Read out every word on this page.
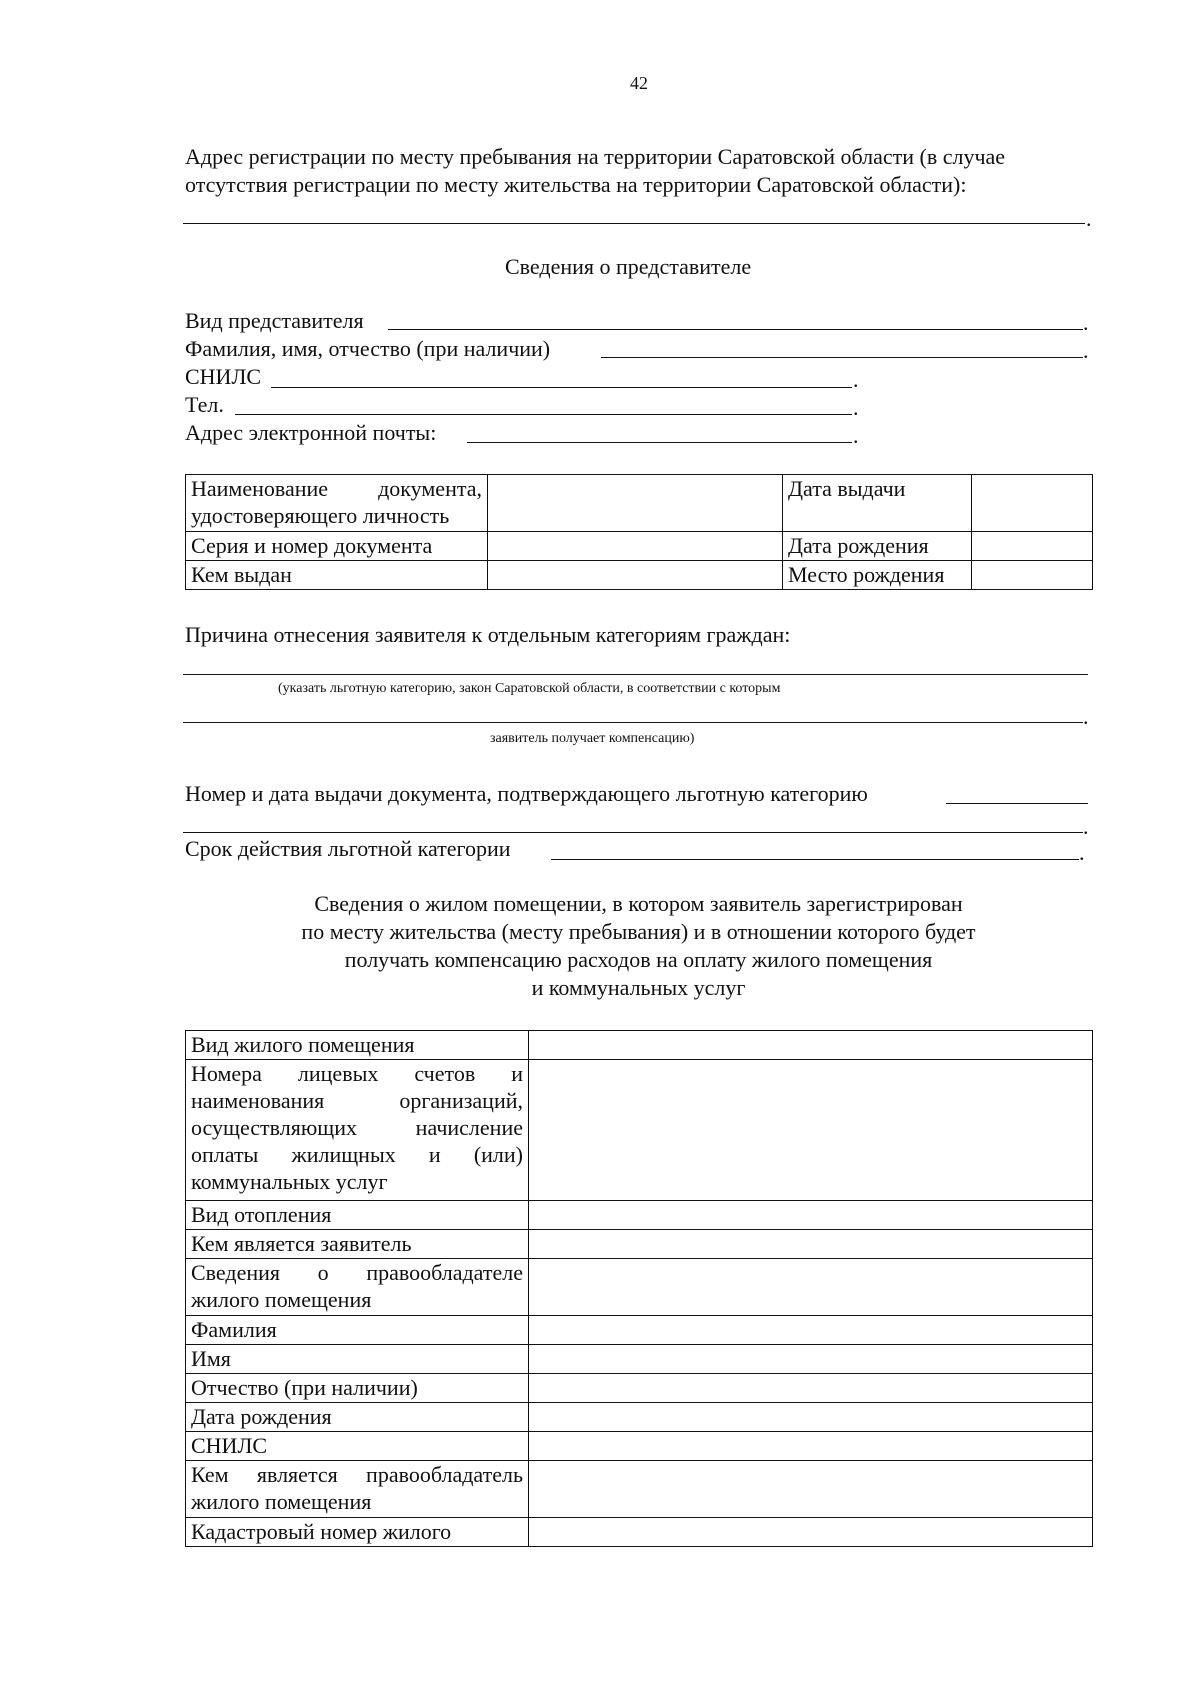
42
Адрес регистрации по месту пребывания на территории Саратовской области (в случае
отсутствия регистрации по месту жительства на территории Саратовской области):
.
Сведения о представителе
Вид представителя	.
Фамилия, имя, отчество (при наличии)	.
СНИЛС	.
Тел.	.
Адрес электронной почты:	.
Наименование документа,
удостоверяющего личность		Дата выдачи	
Серия и номер документа		Дата рождения	
Кем выдан		Место рождения	
Причина отнесения заявителя к отдельным категориям граждан:
(указать льготную категорию, закон Саратовской области, в соответствии с которым
.
заявитель получает компенсацию)
Номер и дата выдачи документа, подтверждающего льготную категорию
.
Срок действия льготной категории	.
Сведения о жилом помещении, в котором заявитель зарегистрирован
по месту жительства (месту пребывания) и в отношении которого будет
получать компенсацию расходов на оплату жилого помещения
и коммунальных услуг
Вид жилого помещения	
Номера лицевых счетов и наименования организаций, осуществляющих начисление оплаты жилищных и (или) коммунальных услуг	
Вид отопления	
Кем является заявитель	
Сведения о правообладателе жилого помещения	
Фамилия	
Имя	
Отчество (при наличии)	
Дата рождения	
СНИЛС	
Кем является правообладатель жилого помещения	
Кадастровый номер жилого	
